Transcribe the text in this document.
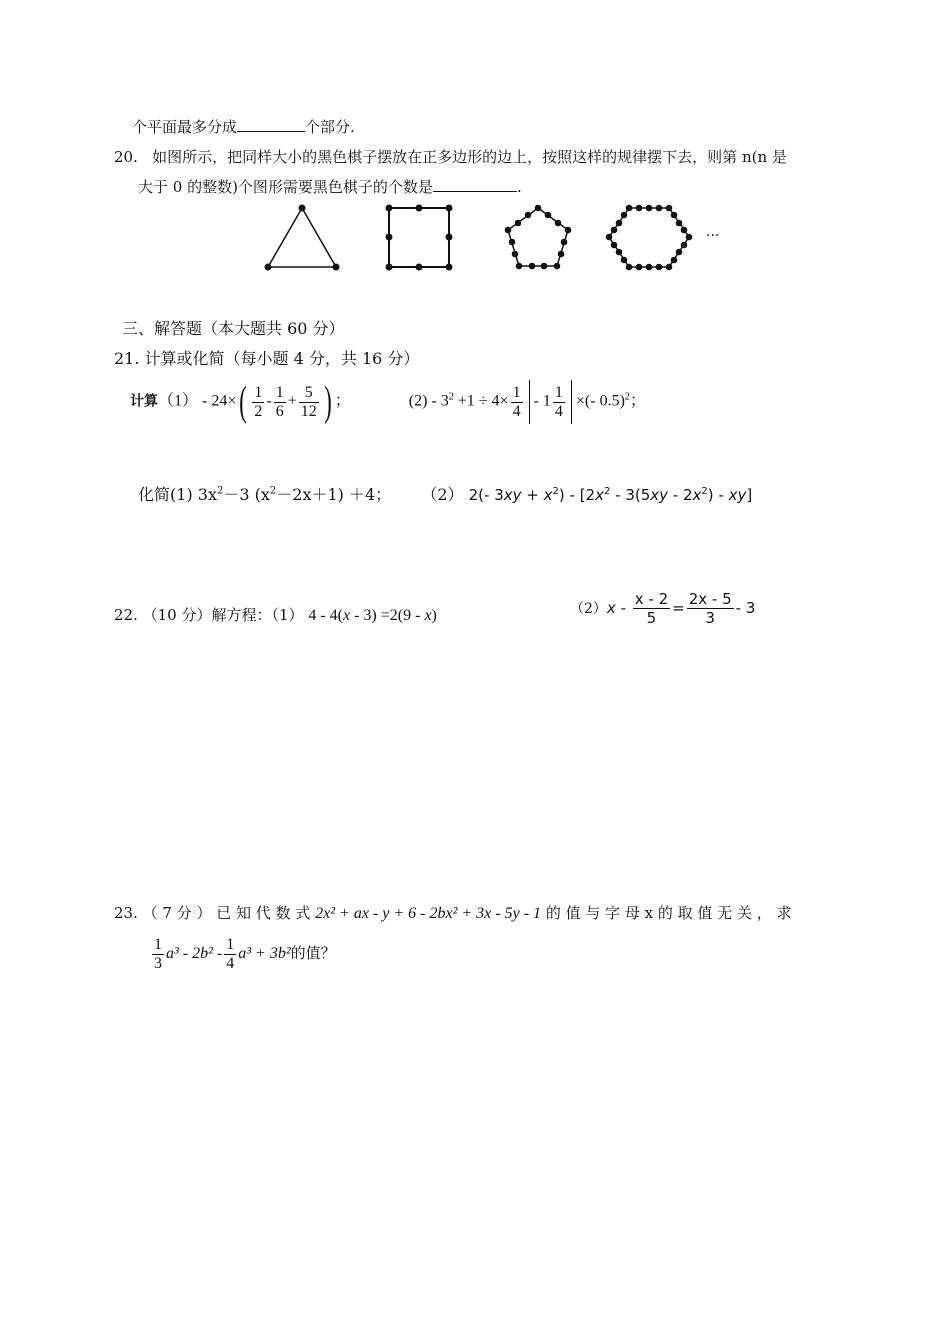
个平面最多分成	个部分.
20. 如图所示，把同样大小的黑色棋子摆放在正多边形的边上，按照这样的规律摆下去，则第 n(n 是
大于 0 的整数)个图形需要黑色棋子的个数是	.
···
三、解答题（本大题共 60 分）
21. 计算或化简（每小题 4 分，共 16 分）
计算$(1) - 24\times( \frac{1}{2} - \frac{1}{6} + \frac{5}{12}$ ) ；	$(2) - 3^2 +1 \div 4\times \frac{1}{4} - 1 \frac{1}{4}$ ×(- 0.5)$^2$；
化简(1) $3x^2-3$ $(x^2-2x+1) +4$； （2） 2(- $3xy + x^2) - [2x^2 - 3(5xy - 2x^2) - xy]$
22. （10 分）解方程：（1） 4 - 4(x - 3) =2(9 - x)	$(2)x - \frac{x - 2}{5} = \frac{2x - 5}{3} - 3$
23. （ 7 分 ） 已 知 代 数 式 2x² + ax - y + 6 - 2bx² + 3x - 5y - 1 的 值 与 字 母 x 的 取 值 无 关 ， 求
$\frac{1}{3} a^3 - 2b^2 - \frac{1}{4} a^3 + 3b^2$的值？
